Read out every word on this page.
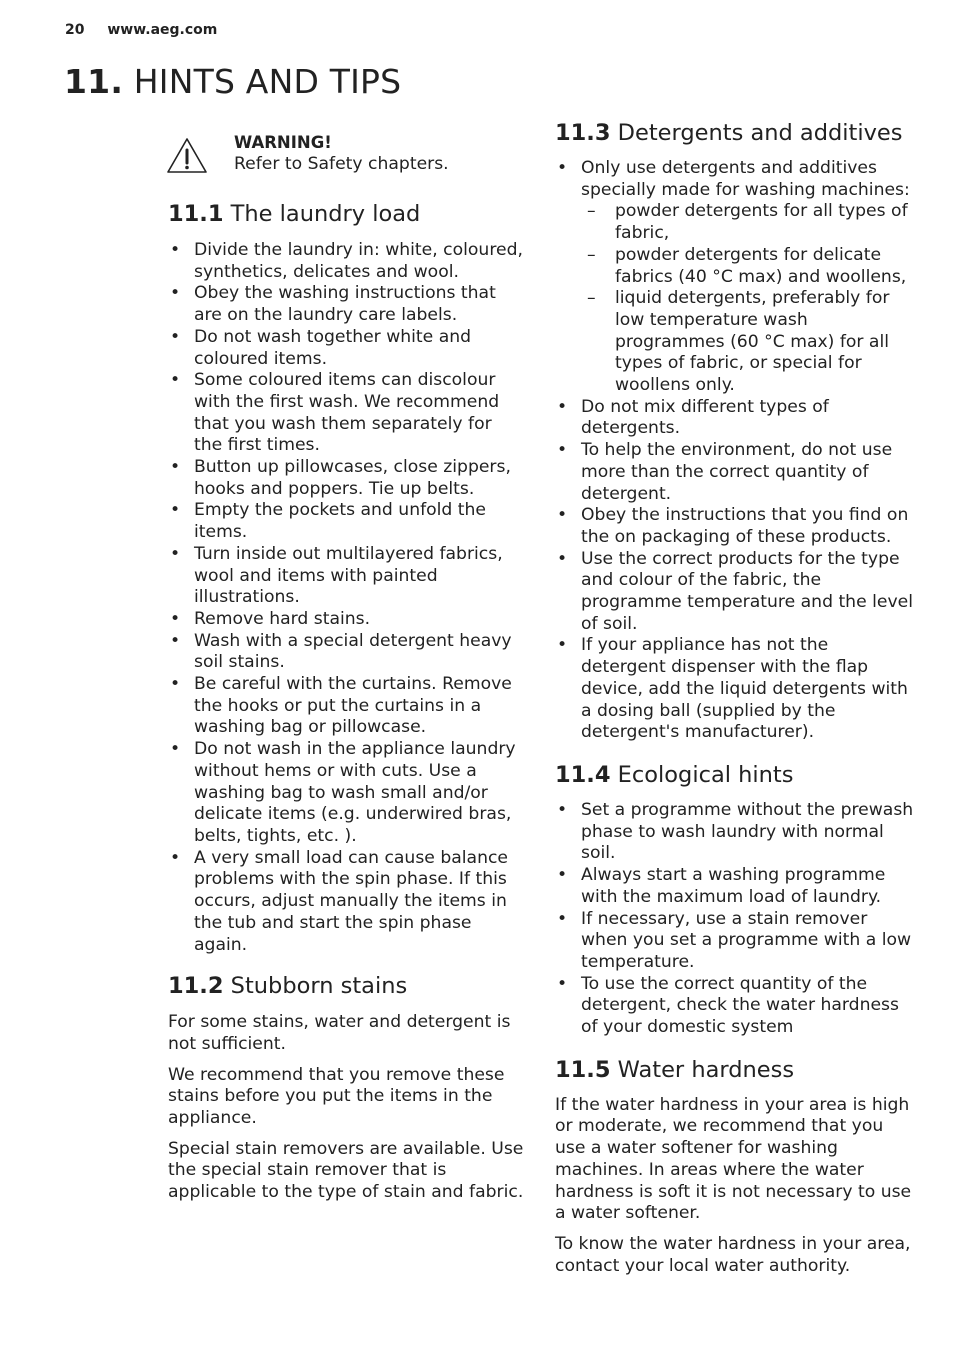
20 www.aeg.com
11. HINTS AND TIPS
WARNING!
Refer to Safety chapters.
11.1 The laundry load
• Divide the laundry in: white, coloured, synthetics, delicates and wool.
• Obey the washing instructions that are on the laundry care labels.
• Do not wash together white and coloured items.
• Some coloured items can discolour with the first wash. We recommend that you wash them separately for the first times.
• Button up pillowcases, close zippers, hooks and poppers. Tie up belts.
• Empty the pockets and unfold the items.
• Turn inside out multilayered fabrics, wool and items with painted illustrations.
• Remove hard stains.
• Wash with a special detergent heavy soil stains.
• Be careful with the curtains. Remove the hooks or put the curtains in a washing bag or pillowcase.
• Do not wash in the appliance laundry without hems or with cuts. Use a washing bag to wash small and/or delicate items (e.g. underwired bras, belts, tights, etc. ).
• A very small load can cause balance problems with the spin phase. If this occurs, adjust manually the items in the tub and start the spin phase again.
11.2 Stubborn stains

For some stains, water and detergent is not sufficient.

We recommend that you remove these stains before you put the items in the appliance.

Special stain removers are available. Use the special stain remover that is applicable to the type of stain and fabric.

11.3 Detergents and additives
• Only use detergents and additives specially made for washing machines:
– powder detergents for all types of fabric,
– powder detergents for delicate fabrics (40 °C max) and woollens,
– liquid detergents, preferably for low temperature wash programmes (60 °C max) for all types of fabric, or special for woollens only.
• Do not mix different types of detergents.
• To help the environment, do not use more than the correct quantity of detergent.
• Obey the instructions that you find on the on packaging of these products.
• Use the correct products for the type and colour of the fabric, the programme temperature and the level of soil.
• If your appliance has not the detergent dispenser with the flap device, add the liquid detergents with a dosing ball (supplied by the detergent's manufacturer).
11.4 Ecological hints
• Set a programme without the prewash phase to wash laundry with normal soil.
• Always start a washing programme with the maximum load of laundry.
• If necessary, use a stain remover when you set a programme with a low temperature.
• To use the correct quantity of the detergent, check the water hardness of your domestic system
11.5 Water hardness

If the water hardness in your area is high or moderate, we recommend that you use a water softener for washing machines. In areas where the water hardness is soft it is not necessary to use a water softener.

To know the water hardness in your area, contact your local water authority.
